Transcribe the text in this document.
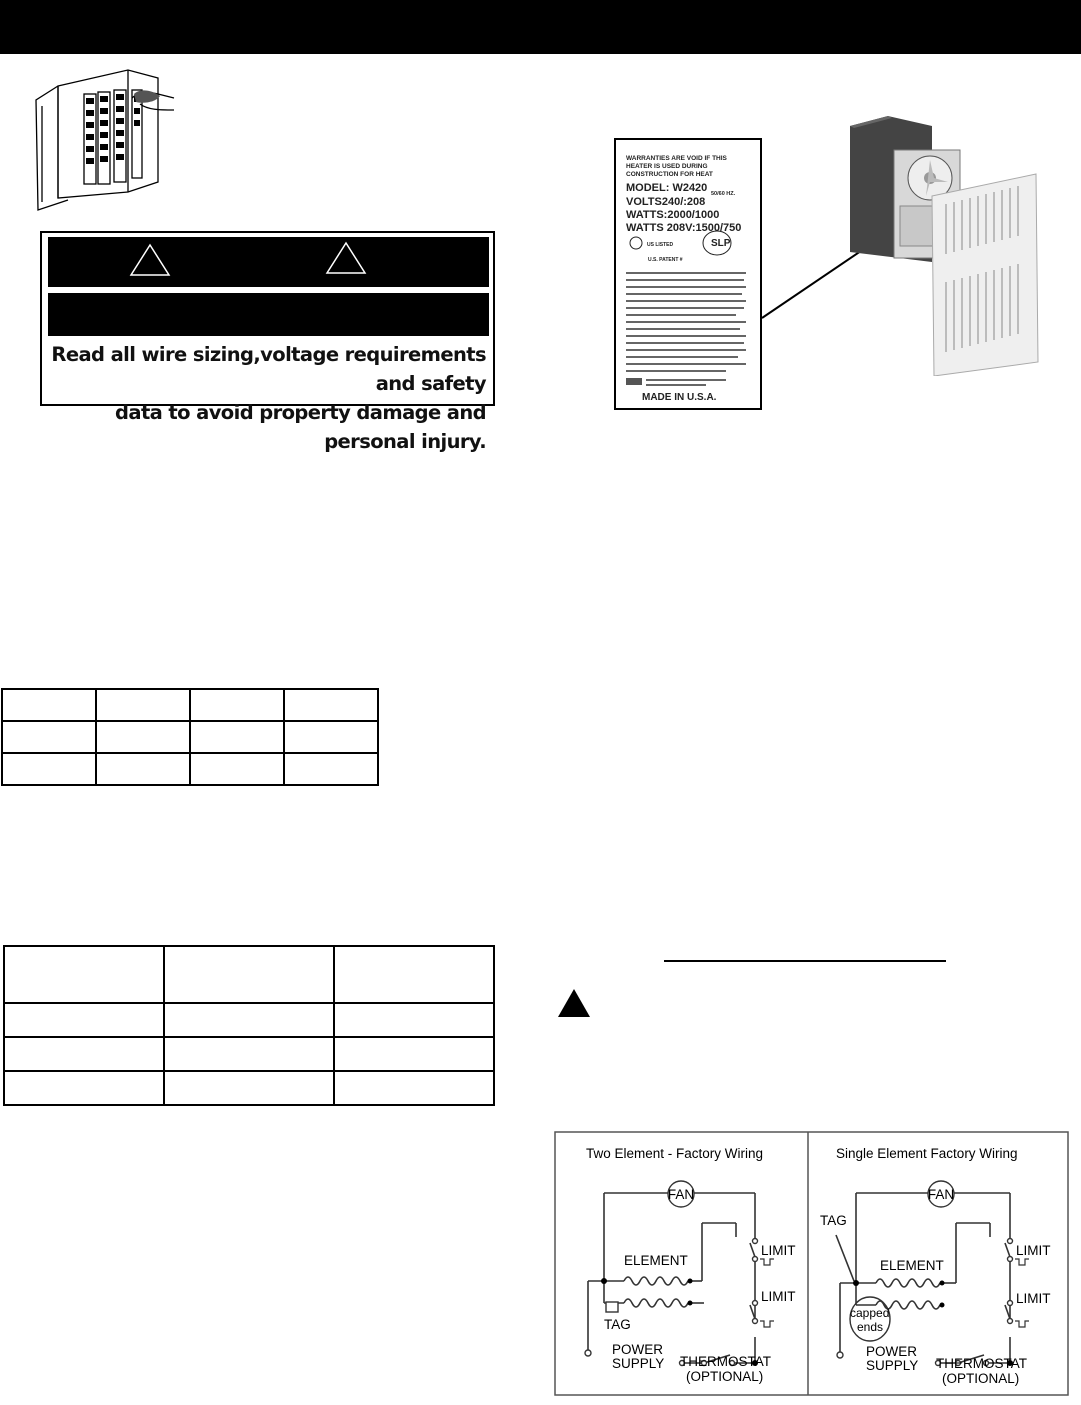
Read all wire sizing,voltage requirements and safety
data to avoid property damage and personal injury.
WARRANTIES ARE VOID IF THIS
HEATER IS USED DURING
CONSTRUCTION FOR HEAT
MODEL: W2420 50/60 HZ.
VOLTS240/:208
WATTS:2000/1000
WATTS 208V:1500/750
US LISTED	SLP
U.S. PATENT #
MADE IN U.S.A.

Two Element - Factory Wiring	Single Element Factory Wiring
FAN
ELEMENT
LIMIT
LIMIT
TAG
POWER
SUPPLY THERMOSTAT
(OPTIONAL)
FAN
TAG
ELEMENT
LIMIT
LIMIT
capped
ends
POWER
SUPPLY THERMOSTAT
(OPTIONAL)
